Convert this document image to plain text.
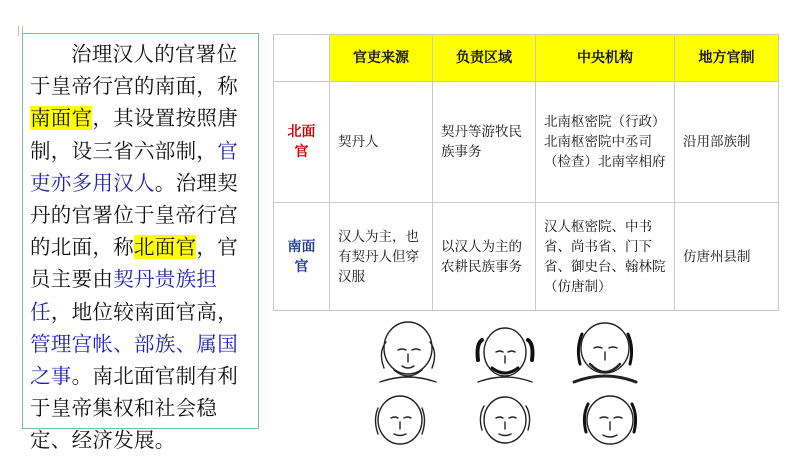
治理汉人的官署位于皇帝行宫的南面，称南面官，其设置按照唐制，设三省六部制，官吏亦多用汉人。治理契丹的官署位于皇帝行宫的北面，称北面官，官员主要由契丹贵族担任，地位较南面官高，管理宫帐、部族、属国之事。南北面官制有利于皇帝集权和社会稳定、经济发展。

	官吏来源	负责区域	中央机构	地方官制
北面官	契丹人	契丹等游牧民族事务	北南枢密院（行政）北南枢密院中丞司（检查）北南宰相府	沿用部族制
南面官	汉人为主，也有契丹人但穿汉服	以汉人为主的农耕民族事务	汉人枢密院、中书省、尚书省、门下省、御史台、翰林院（仿唐制）	仿唐州县制
